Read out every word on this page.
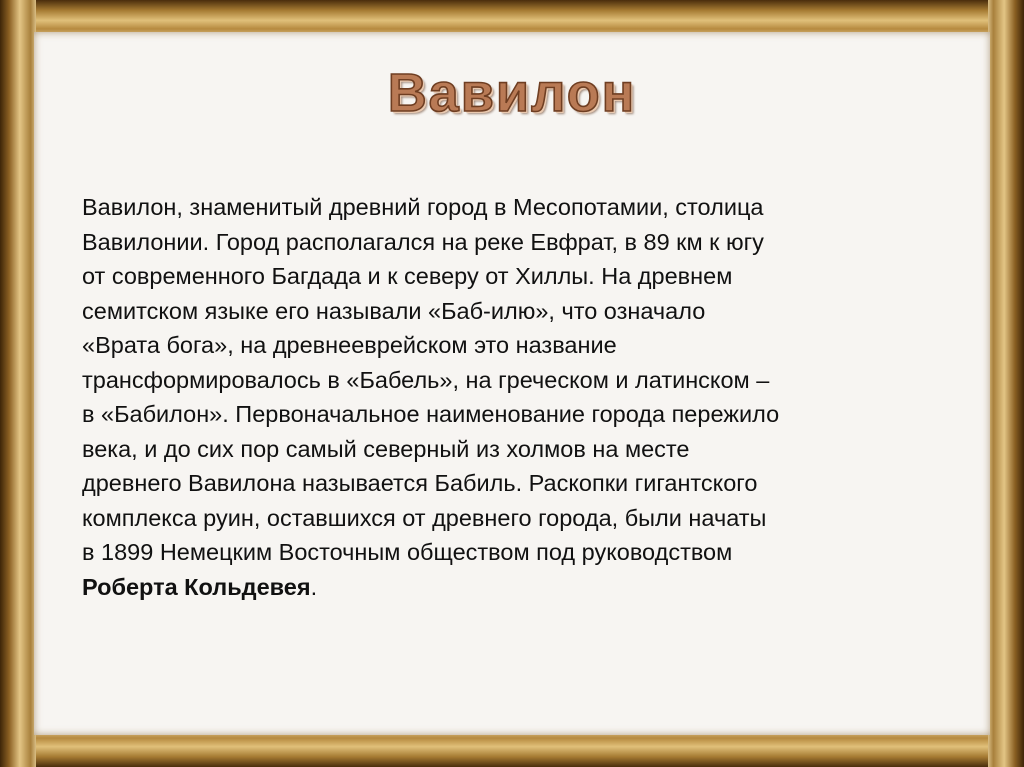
Вавилон

Вавилон, знаменитый древний город в Месопотамии, столица
Вавилонии. Город располагался на реке Евфрат, в 89 км к югу
от современного Багдада и к северу от Хиллы. На древнем
семитском языке его называли «Баб-илю», что означало
«Врата бога», на древнееврейском это название
трансформировалось в «Бабель», на греческом и латинском –
в «Бабилон». Первоначальное наименование города пережило
века, и до сих пор самый северный из холмов на месте
древнего Вавилона называется Бабиль. Раскопки гигантского
комплекса руин, оставшихся от древнего города, были начаты
в 1899 Немецким Восточным обществом под руководством
Роберта Кольдевея.
